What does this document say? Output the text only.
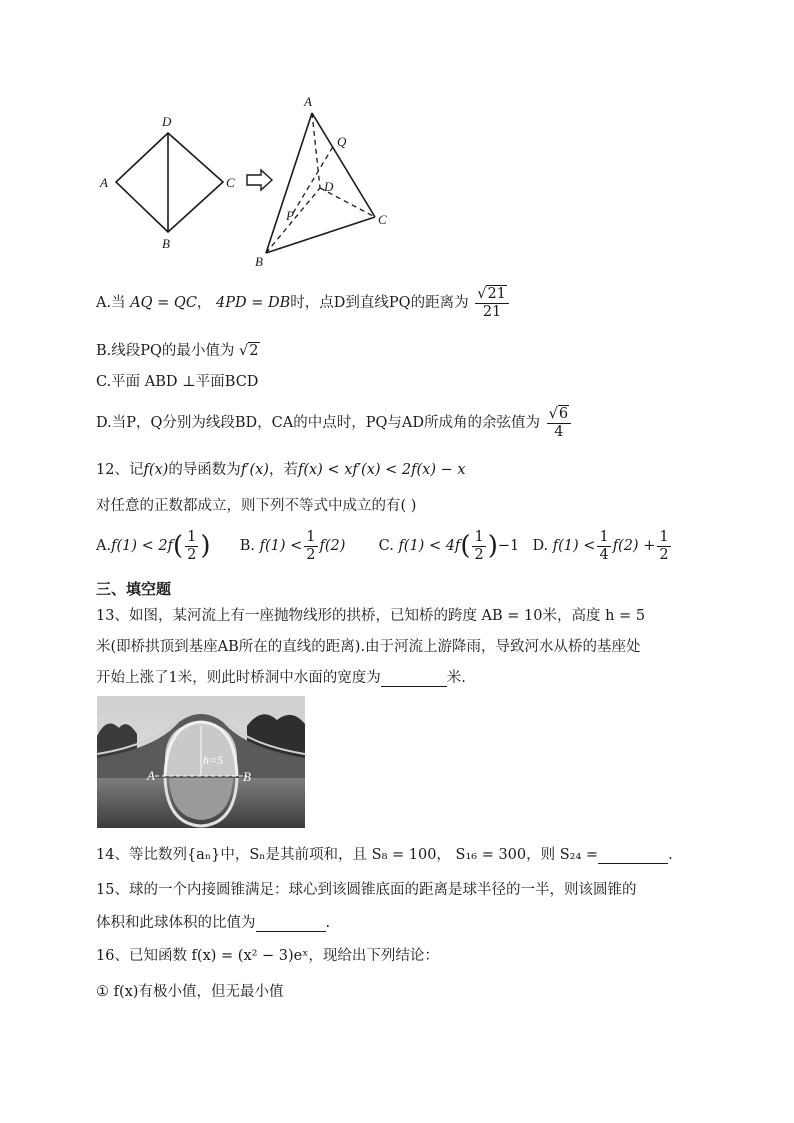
D
A	C
B
A
Q
D
P	C
B
A.当 AQ = QC， 4PD = DB时，点D到直线PQ的距离为 $\frac{√21}{21}$
B.线段PQ的最小值为 √2
C.平面 ABD ⊥平面BCD
D.当P，Q分别为线段BD，CA的中点时，PQ与AD所成角的余弦值为 $\frac{√6}{4}$
12、记f(x)的导函数为f′(x)，若f(x) < xf′(x) < 2f(x) − x
对任意的正数都成立，则下列不等式中成立的有( )
$A.f(1) < 2f( \frac{1}{2}$ ) B. $f(1) < \frac{1}{2} f(2)$ C. $f(1) < 4f( \frac{1}{2} )-1$ D. $f(1) < \frac{1}{4} f(2) + \frac{1}{2}$
三、填空题
13、如图，某河流上有一座抛物线形的拱桥，已知桥的跨度 AB = 10米，高度 h = 5
米(即桥拱顶到基座AB所在的直线的距离).由于河流上游降雨，导致河水从桥的基座处
开始上涨了1米，则此时桥洞中水面的宽度为	米.
A	B
h=5
14、等比数列{aₙ}中，Sₙ是其前项和，且 S₈ = 100， S₁₆ = 300，则 S₂₄ =	.
15、球的一个内接圆锥满足：球心到该圆锥底面的距离是球半径的一半，则该圆锥的
体积和此球体积的比值为	.
16、已知函数 f(x) = (x² − 3)eˣ，现给出下列结论：
① f(x)有极小值，但无最小值
